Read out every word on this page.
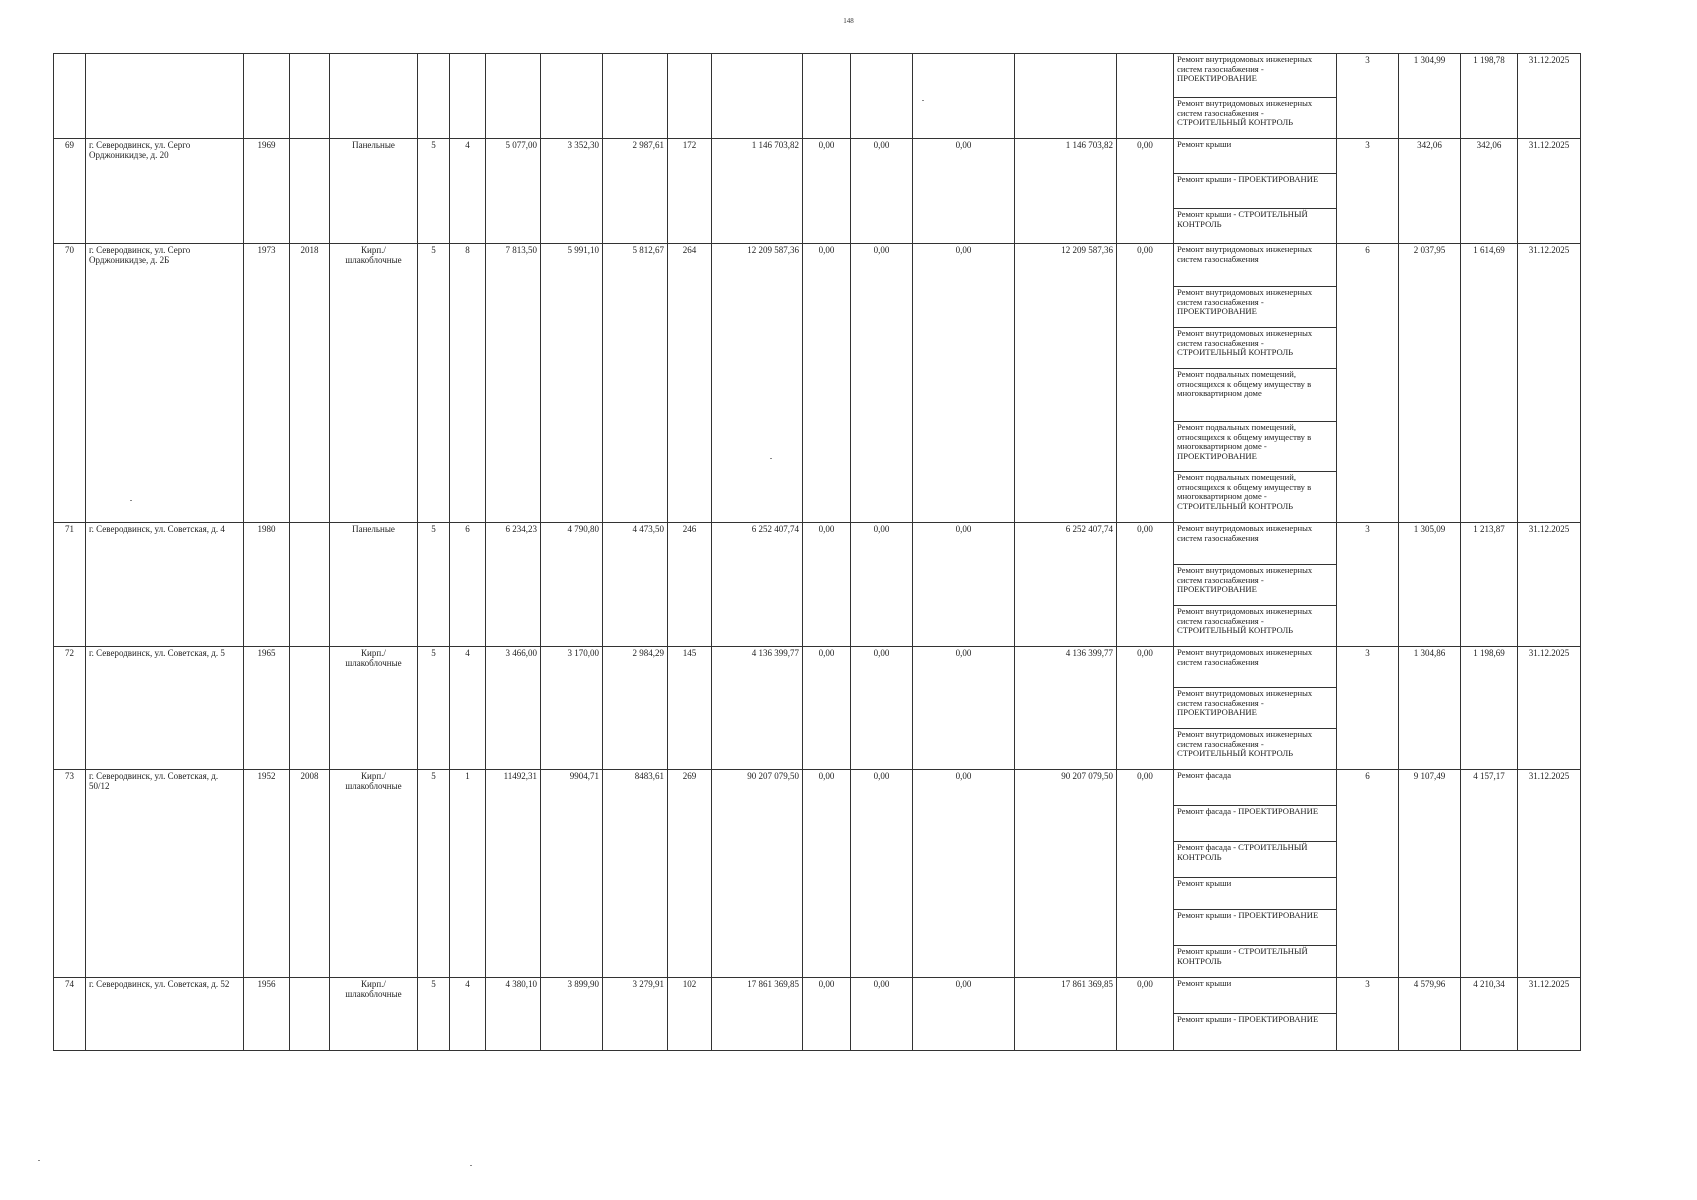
148
																	Ремонт внутридомовых инженерных систем газоснабжения - ПРОЕКТИРОВАНИЕ	3	1 304,99	1 198,78	31.12.2025
																	Ремонт внутридомовых инженерных систем газоснабжения - СТРОИТЕЛЬНЫЙ КОНТРОЛЬ				
69	г. Северодвинск, ул. Серго Орджоникидзе, д. 20	1969		Панельные	5	4	5 077,00	3 352,30	2 987,61	172	1 146 703,82	0,00	0,00	0,00	1 146 703,82	0,00	Ремонт крыши	3	342,06	342,06	31.12.2025
																	Ремонт крыши - ПРОЕКТИРОВАНИЕ				
																	Ремонт крыши - СТРОИТЕЛЬНЫЙ КОНТРОЛЬ				
70	г. Северодвинск, ул. Серго Орджоникидзе, д. 2Б	1973	2018	Кирп./ шлакоблочные	5	8	7 813,50	5 991,10	5 812,67	264	12 209 587,36	0,00	0,00	0,00	12 209 587,36	0,00	Ремонт внутридомовых инженерных систем газоснабжения	6	2 037,95	1 614,69	31.12.2025
																	Ремонт внутридомовых инженерных систем газоснабжения - ПРОЕКТИРОВАНИЕ				
																	Ремонт внутридомовых инженерных систем газоснабжения - СТРОИТЕЛЬНЫЙ КОНТРОЛЬ				
																	Ремонт подвальных помещений, относящихся к общему имуществу в многоквартирном доме				
																	Ремонт подвальных помещений, относящихся к общему имуществу в многоквартирном доме - ПРОЕКТИРОВАНИЕ				
																	Ремонт подвальных помещений, относящихся к общему имуществу в многоквартирном доме - СТРОИТЕЛЬНЫЙ КОНТРОЛЬ				
71	г. Северодвинск, ул. Советская, д. 4	1980		Панельные	5	6	6 234,23	4 790,80	4 473,50	246	6 252 407,74	0,00	0,00	0,00	6 252 407,74	0,00	Ремонт внутридомовых инженерных систем газоснабжения	3	1 305,09	1 213,87	31.12.2025
																	Ремонт внутридомовых инженерных систем газоснабжения - ПРОЕКТИРОВАНИЕ				
																	Ремонт внутридомовых инженерных систем газоснабжения - СТРОИТЕЛЬНЫЙ КОНТРОЛЬ				
72	г. Северодвинск, ул. Советская, д. 5	1965		Кирп./ шлакоблочные	5	4	3 466,00	3 170,00	2 984,29	145	4 136 399,77	0,00	0,00	0,00	4 136 399,77	0,00	Ремонт внутридомовых инженерных систем газоснабжения	3	1 304,86	1 198,69	31.12.2025
																	Ремонт внутридомовых инженерных систем газоснабжения - ПРОЕКТИРОВАНИЕ				
																	Ремонт внутридомовых инженерных систем газоснабжения - СТРОИТЕЛЬНЫЙ КОНТРОЛЬ				
73	г. Северодвинск, ул. Советская, д. 50/12	1952	2008	Кирп./ шлакоблочные	5	1	11492,31	9904,71	8483,61	269	90 207 079,50	0,00	0,00	0,00	90 207 079,50	0,00	Ремонт фасада	6	9 107,49	4 157,17	31.12.2025
																	Ремонт фасада - ПРОЕКТИРОВАНИЕ				
																	Ремонт фасада - СТРОИТЕЛЬНЫЙ КОНТРОЛЬ				
																	Ремонт крыши				
																	Ремонт крыши - ПРОЕКТИРОВАНИЕ				
																	Ремонт крыши - СТРОИТЕЛЬНЫЙ КОНТРОЛЬ				
74	г. Северодвинск, ул. Советская, д. 52	1956		Кирп./ шлакоблочные	5	4	4 380,10	3 899,90	3 279,91	102	17 861 369,85	0,00	0,00	0,00	17 861 369,85	0,00	Ремонт крыши	3	4 579,96	4 210,34	31.12.2025
																	Ремонт крыши - ПРОЕКТИРОВАНИЕ				
